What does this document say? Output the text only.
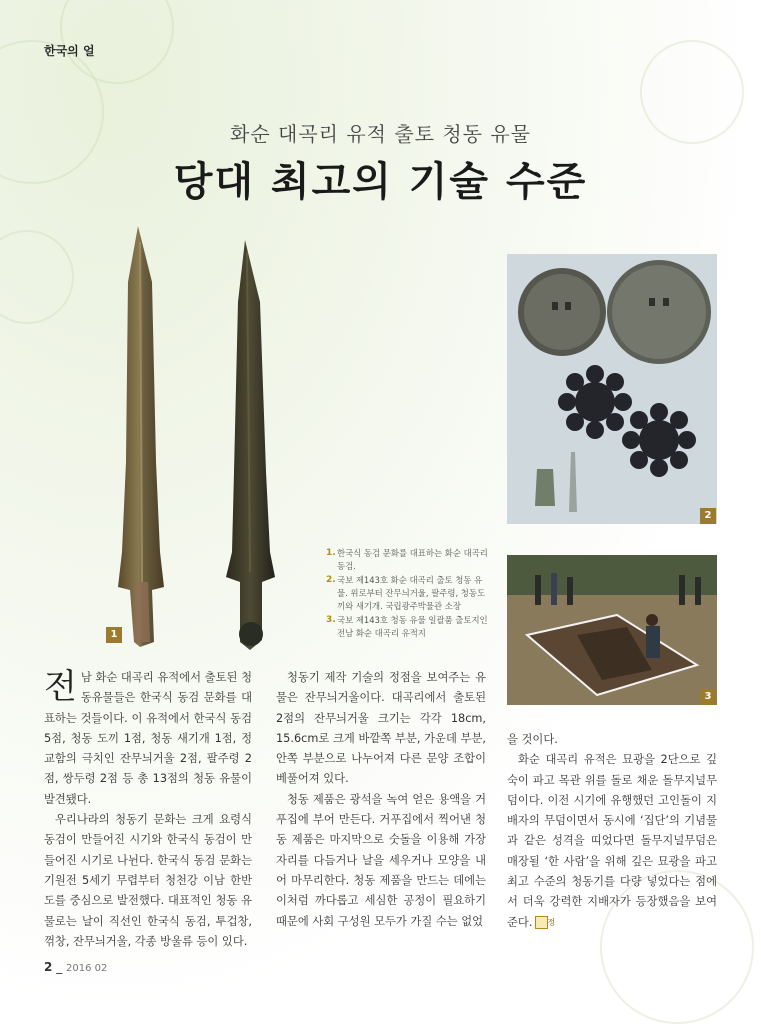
한국의 얼
화순 대곡리 유적 출토 청동 유물
당대 최고의 기술 수준
1
2
3
1. 한국식 동검 문화를 대표하는 화순 대곡리 동검.
2. 국보 제143호 화순 대곡리 출토 청동 유물. 위로부터 잔무늬거울, 팔주령, 청동도끼와 새기개. 국립광주박물관 소장
3. 국보 제143호 청동 유물 일괄품 출토지인 전남 화순 대곡리 유적지

전남 화순 대곡리 유적에서 출토된 청동유물들은 한국식 동검 문화를 대표하는 것들이다. 이 유적에서 한국식 동검 5점, 청동 도끼 1점, 청동 새기개 1점, 정교함의 극치인 잔무늬거울 2점, 팔주령 2점, 쌍두령 2점 등 총 13점의 청동 유물이 발견됐다.

우리나라의 청동기 문화는 크게 요령식 동검이 만들어진 시기와 한국식 동검이 만들어진 시기로 나뉜다. 한국식 동검 문화는 기원전 5세기 무렵부터 청천강 이남 한반도를 중심으로 발전했다. 대표적인 청동 유물로는 날이 직선인 한국식 동검, 투겁창, 꺾창, 잔무늬거울, 각종 방울류 등이 있다.

청동기 제작 기술의 정점을 보여주는 유물은 잔무늬거울이다. 대곡리에서 출토된 2점의 잔무늬거울 크기는 각각 18cm, 15.6cm로 크게 바깥쪽 부분, 가운데 부분, 안쪽 부분으로 나누어져 다른 문양 조합이 베풀어져 있다.

청동 제품은 광석을 녹여 얻은 용액을 거푸집에 부어 만든다. 거푸집에서 찍어낸 청동 제품은 마지막으로 숫돌을 이용해 가장자리를 다듬거나 날을 세우거나 모양을 내어 마무리한다. 청동 제품을 만드는 데에는 이처럼 까다롭고 세심한 공정이 필요하기 때문에 사회 구성원 모두가 가질 수는 없었

을 것이다.

화순 대곡리 유적은 묘광을 2단으로 깊숙이 파고 목관 위를 돌로 채운 돌무지널무덤이다. 이전 시기에 유행했던 고인돌이 지배자의 무덤이면서 동시에 ‘집단’의 기념물과 같은 성격을 띠었다면 돌무지널무덤은 매장될 ‘한 사람’을 위해 깊은 묘광을 파고 최고 수준의 청동기를 다량 넣었다는 점에서 더욱 강력한 지배자가 등장했음을 보여준다. 정

2 _ 2016 02
